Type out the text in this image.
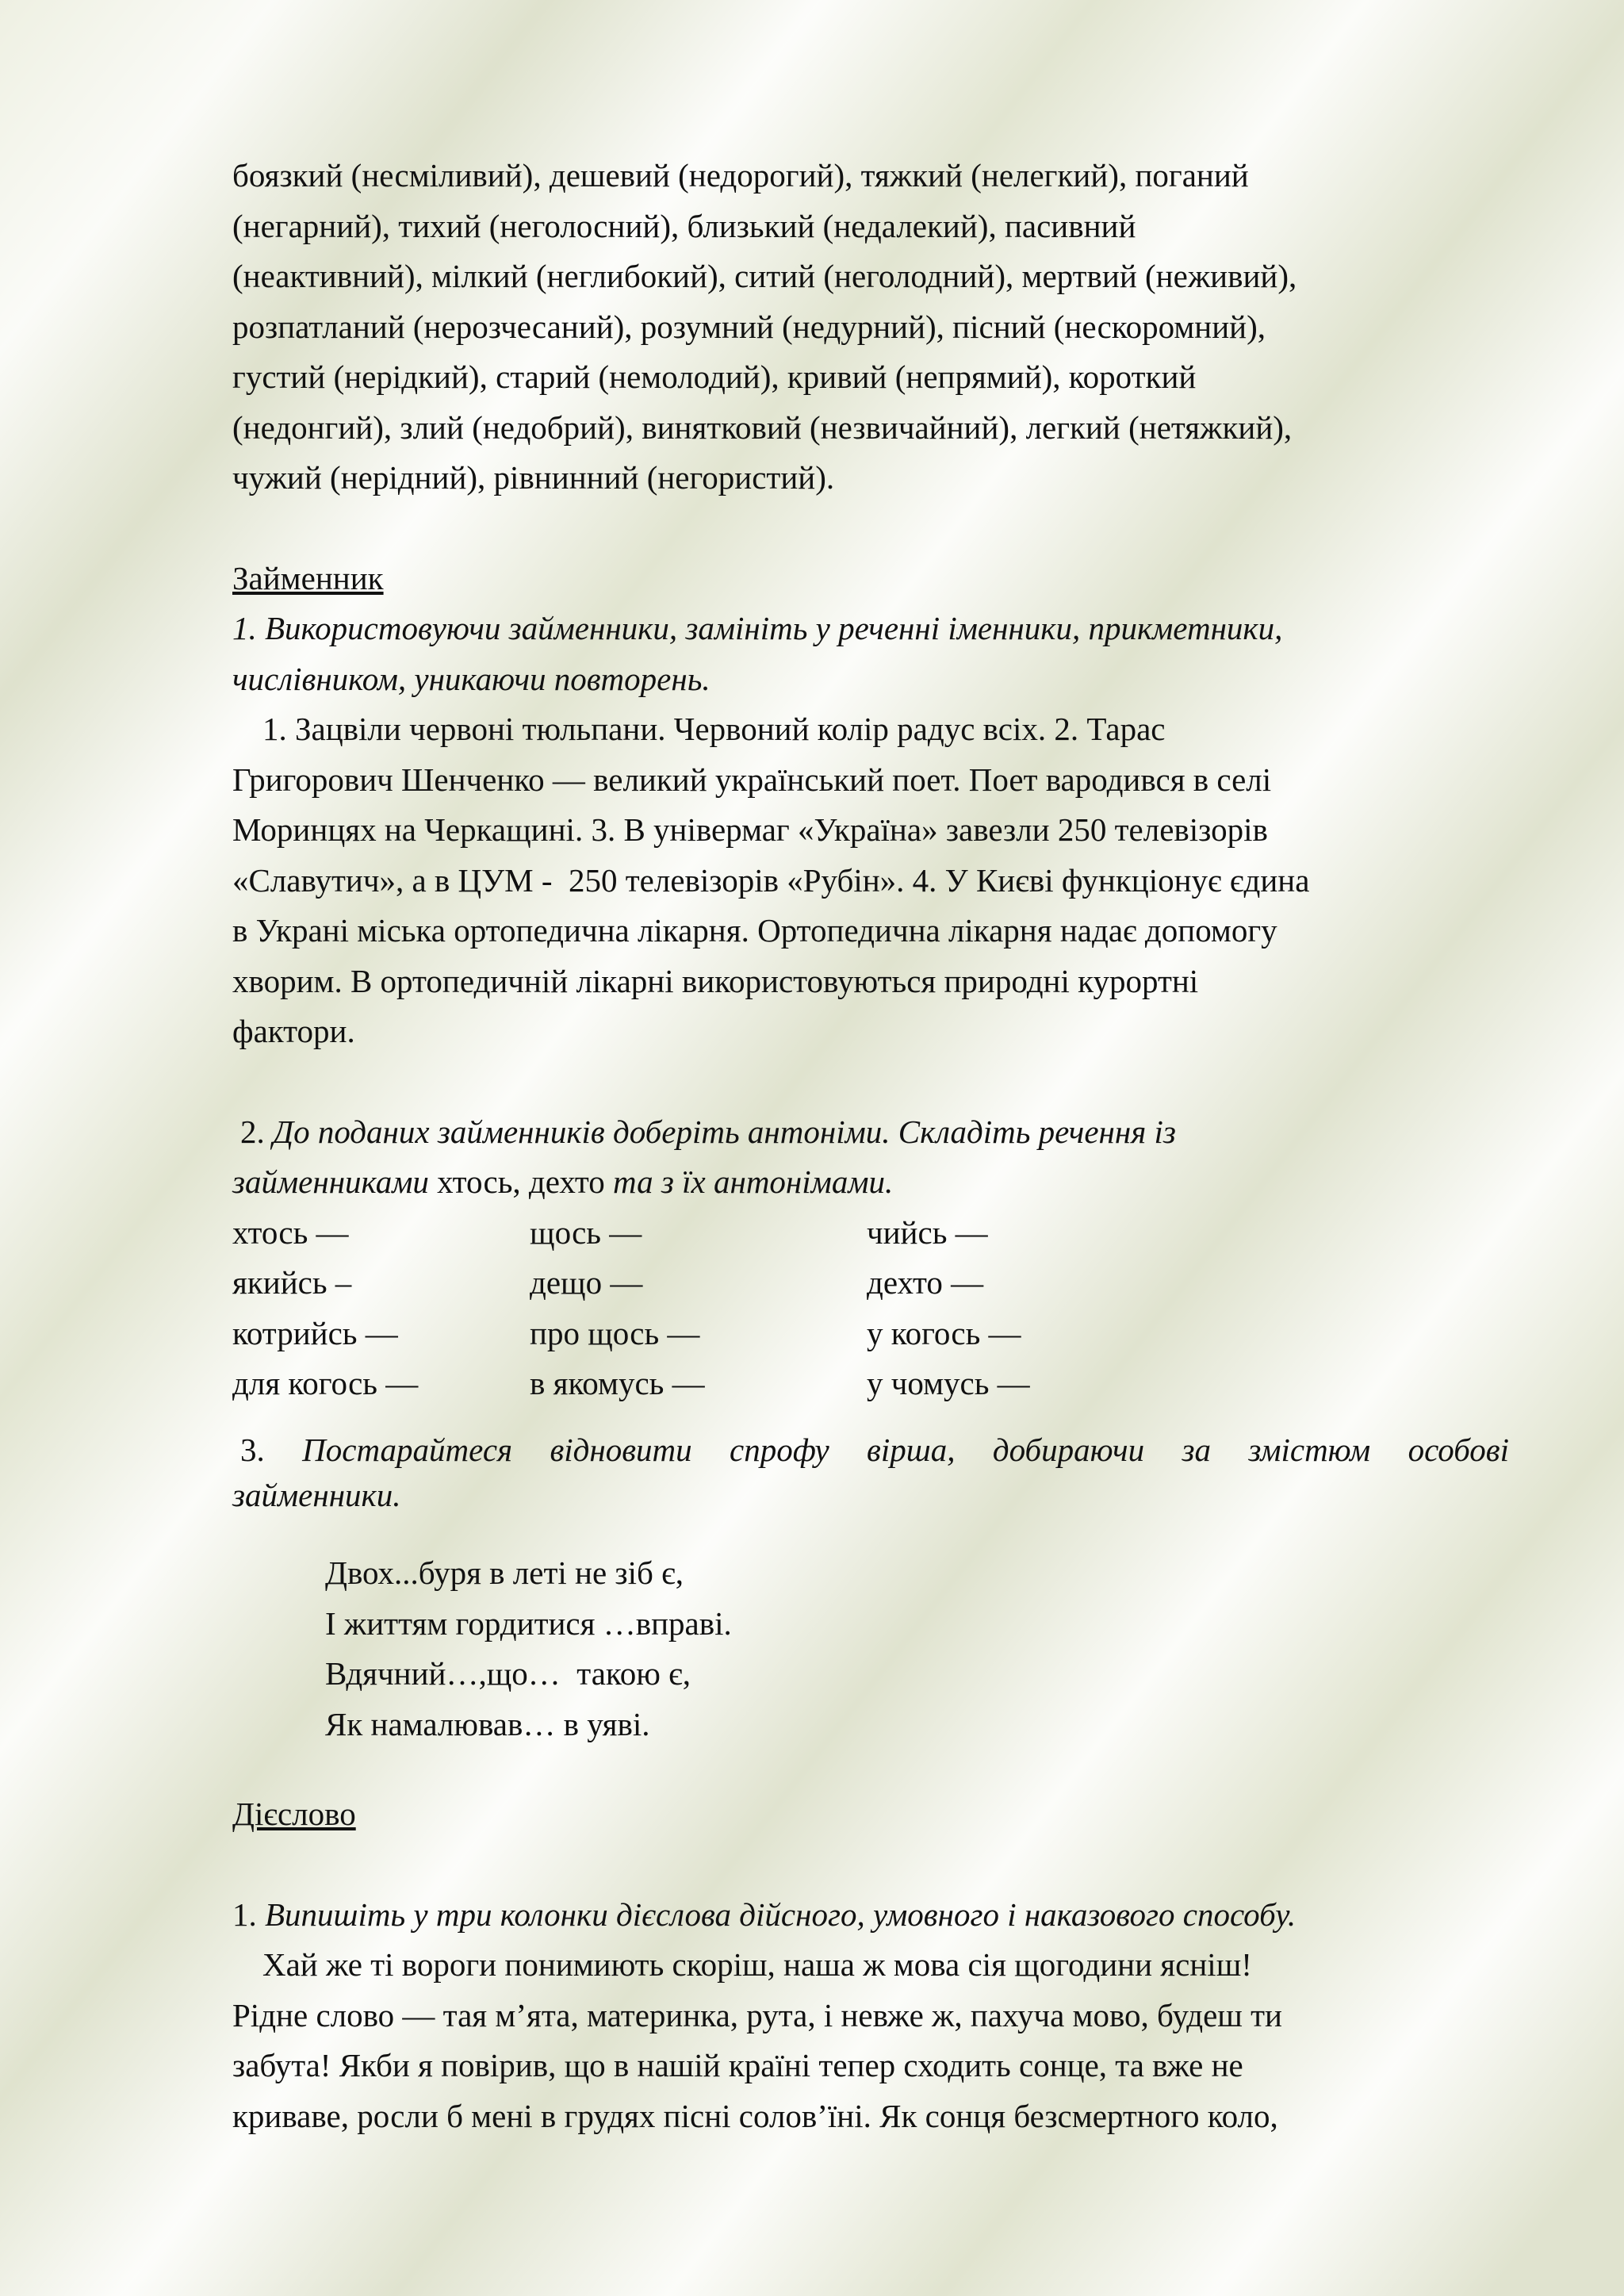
боязкий (несміливий), дешевий (недорогий), тяжкий (нелегкий), поганий

(негарний), тихий (неголосний), близький (недалекий), пасивний

(неактивний), мілкий (неглибокий), ситий (неголодний), мертвий (неживий),

розпатланий (нерозчесаний), розумний (недурний), пісний (нескоромний),

густий (нерідкий), старий (немолодий), кривий (непрямий), короткий

(недонгий), злий (недобрий), винятковий (незвичайний), легкий (нетяжкий),

чужий (нерідний), рівнинний (негористий).

Займенник

1. Використовуючи займенники, замініть у реченні іменники, прикметники,

числівником, уникаючи повторень.

1. Зацвіли червоні тюльпани. Червоний колір радус всіх. 2. Тарас

Григорович Шенченко — великий український поет. Поет вародився в селі

Моринцях на Черкащині. 3. В універмаг «Україна» завезли 250 телевізорів

«Славутич», а в ЦУМ -  250 телевізорів «Рубін». 4. У Києві функціонує єдина

в Украні міська ортопедична лікарня. Ортопедична лікарня надає допомогу

хворим. В ортопедичній лікарні використовуються природні курортні

фактори.

2. До поданих займенників доберіть антоніми. Складіть речення із

займенниками хтось, дехто та з їх антонімами.

хтось —	щось —	чийсь —
якийсь –	дещо —	дехто —
котрийсь —	про щось —	у когось —
для когось —	в якомусь —	у чомусь —

3. Постарайтеся відновити спрофу вірша, добираючи за змістюм особові

займенники.

Двох...буря в леті не зіб є,
І життям гордитися …вправі.
Вдячний…,що…  такою є,
Як намалював… в уяві.

Дієслово

1. Випишіть у три колонки дієслова дійсного, умовного і наказового способу.

Хай же ті вороги понимиють скоріш, наша ж мова сія щогодини ясніш!

Рідне слово — тая м’ята, материнка, рута, і невже ж, пахуча мово, будеш ти

забута! Якби я повірив, що в нашій країні тепер сходить сонце, та вже не

криваве, росли б мені в грудях пісні солов’їні. Як сонця безсмертного коло,
